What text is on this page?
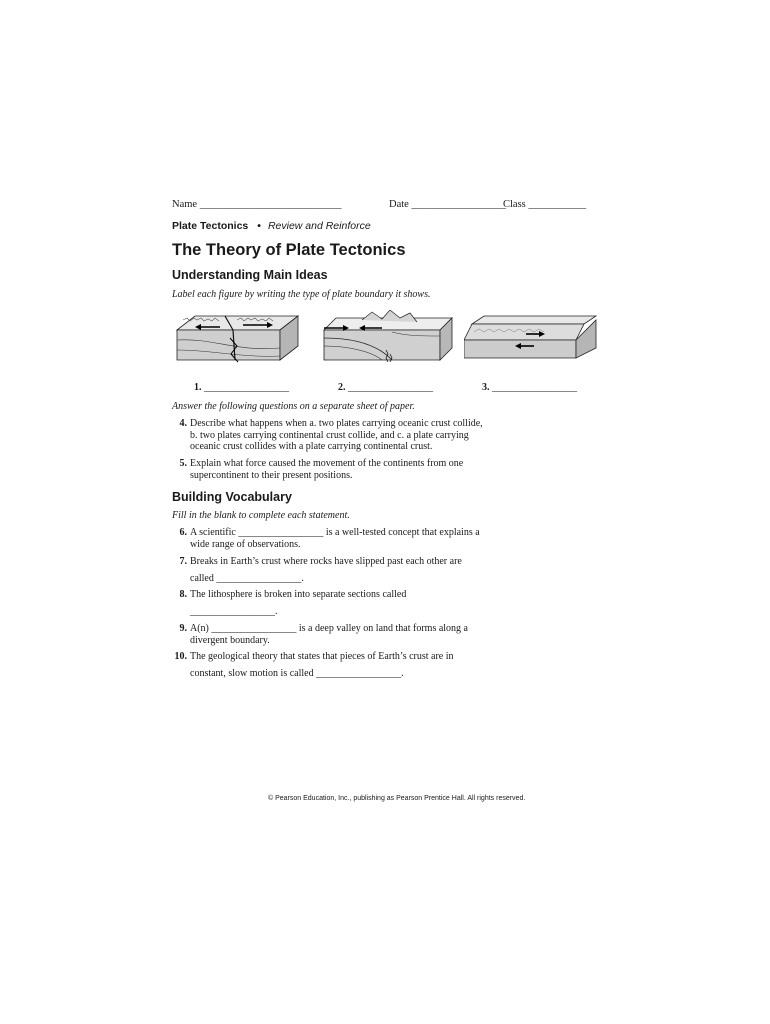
Name ___________________________	Date __________________
Class ___________
Plate Tectonics • Review and Reinforce
The Theory of Plate Tectonics
Understanding Main Ideas

Label each figure by writing the type of plate boundary it shows.

1. _________________	2. _________________	3. _________________

Answer the following questions on a separate sheet of paper.

4. Describe what happens when a. two plates carrying oceanic crust collide,
b. two plates carrying continental crust collide, and c. a plate carrying
oceanic crust collides with a plate carrying continental crust.
5. Explain what force caused the movement of the continents from one
supercontinent to their present positions.
Building Vocabulary

Fill in the blank to complete each statement.

6. A scientific _________________ is a well-tested concept that explains a
wide range of observations.
7. Breaks in Earth’s crust where rocks have slipped past each other are
called _________________.
8. The lithosphere is broken into separate sections called
_________________.
9. A(n) _________________ is a deep valley on land that forms along a
divergent boundary.
10. The geological theory that states that pieces of Earth’s crust are in
constant, slow motion is called _________________.
© Pearson Education, Inc., publishing as Pearson Prentice Hall. All rights reserved.
